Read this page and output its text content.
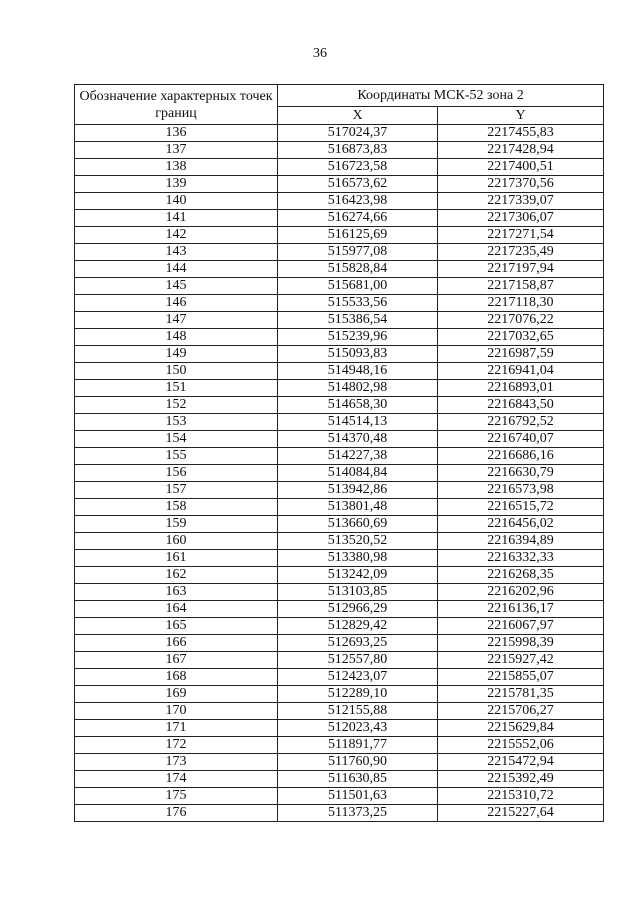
36
Обозначение характерных точек границ	Координаты МСК-52 зона 2	
	X	Y
136	517024,37	2217455,83
137	516873,83	2217428,94
138	516723,58	2217400,51
139	516573,62	2217370,56
140	516423,98	2217339,07
141	516274,66	2217306,07
142	516125,69	2217271,54
143	515977,08	2217235,49
144	515828,84	2217197,94
145	515681,00	2217158,87
146	515533,56	2217118,30
147	515386,54	2217076,22
148	515239,96	2217032,65
149	515093,83	2216987,59
150	514948,16	2216941,04
151	514802,98	2216893,01
152	514658,30	2216843,50
153	514514,13	2216792,52
154	514370,48	2216740,07
155	514227,38	2216686,16
156	514084,84	2216630,79
157	513942,86	2216573,98
158	513801,48	2216515,72
159	513660,69	2216456,02
160	513520,52	2216394,89
161	513380,98	2216332,33
162	513242,09	2216268,35
163	513103,85	2216202,96
164	512966,29	2216136,17
165	512829,42	2216067,97
166	512693,25	2215998,39
167	512557,80	2215927,42
168	512423,07	2215855,07
169	512289,10	2215781,35
170	512155,88	2215706,27
171	512023,43	2215629,84
172	511891,77	2215552,06
173	511760,90	2215472,94
174	511630,85	2215392,49
175	511501,63	2215310,72
176	511373,25	2215227,64
